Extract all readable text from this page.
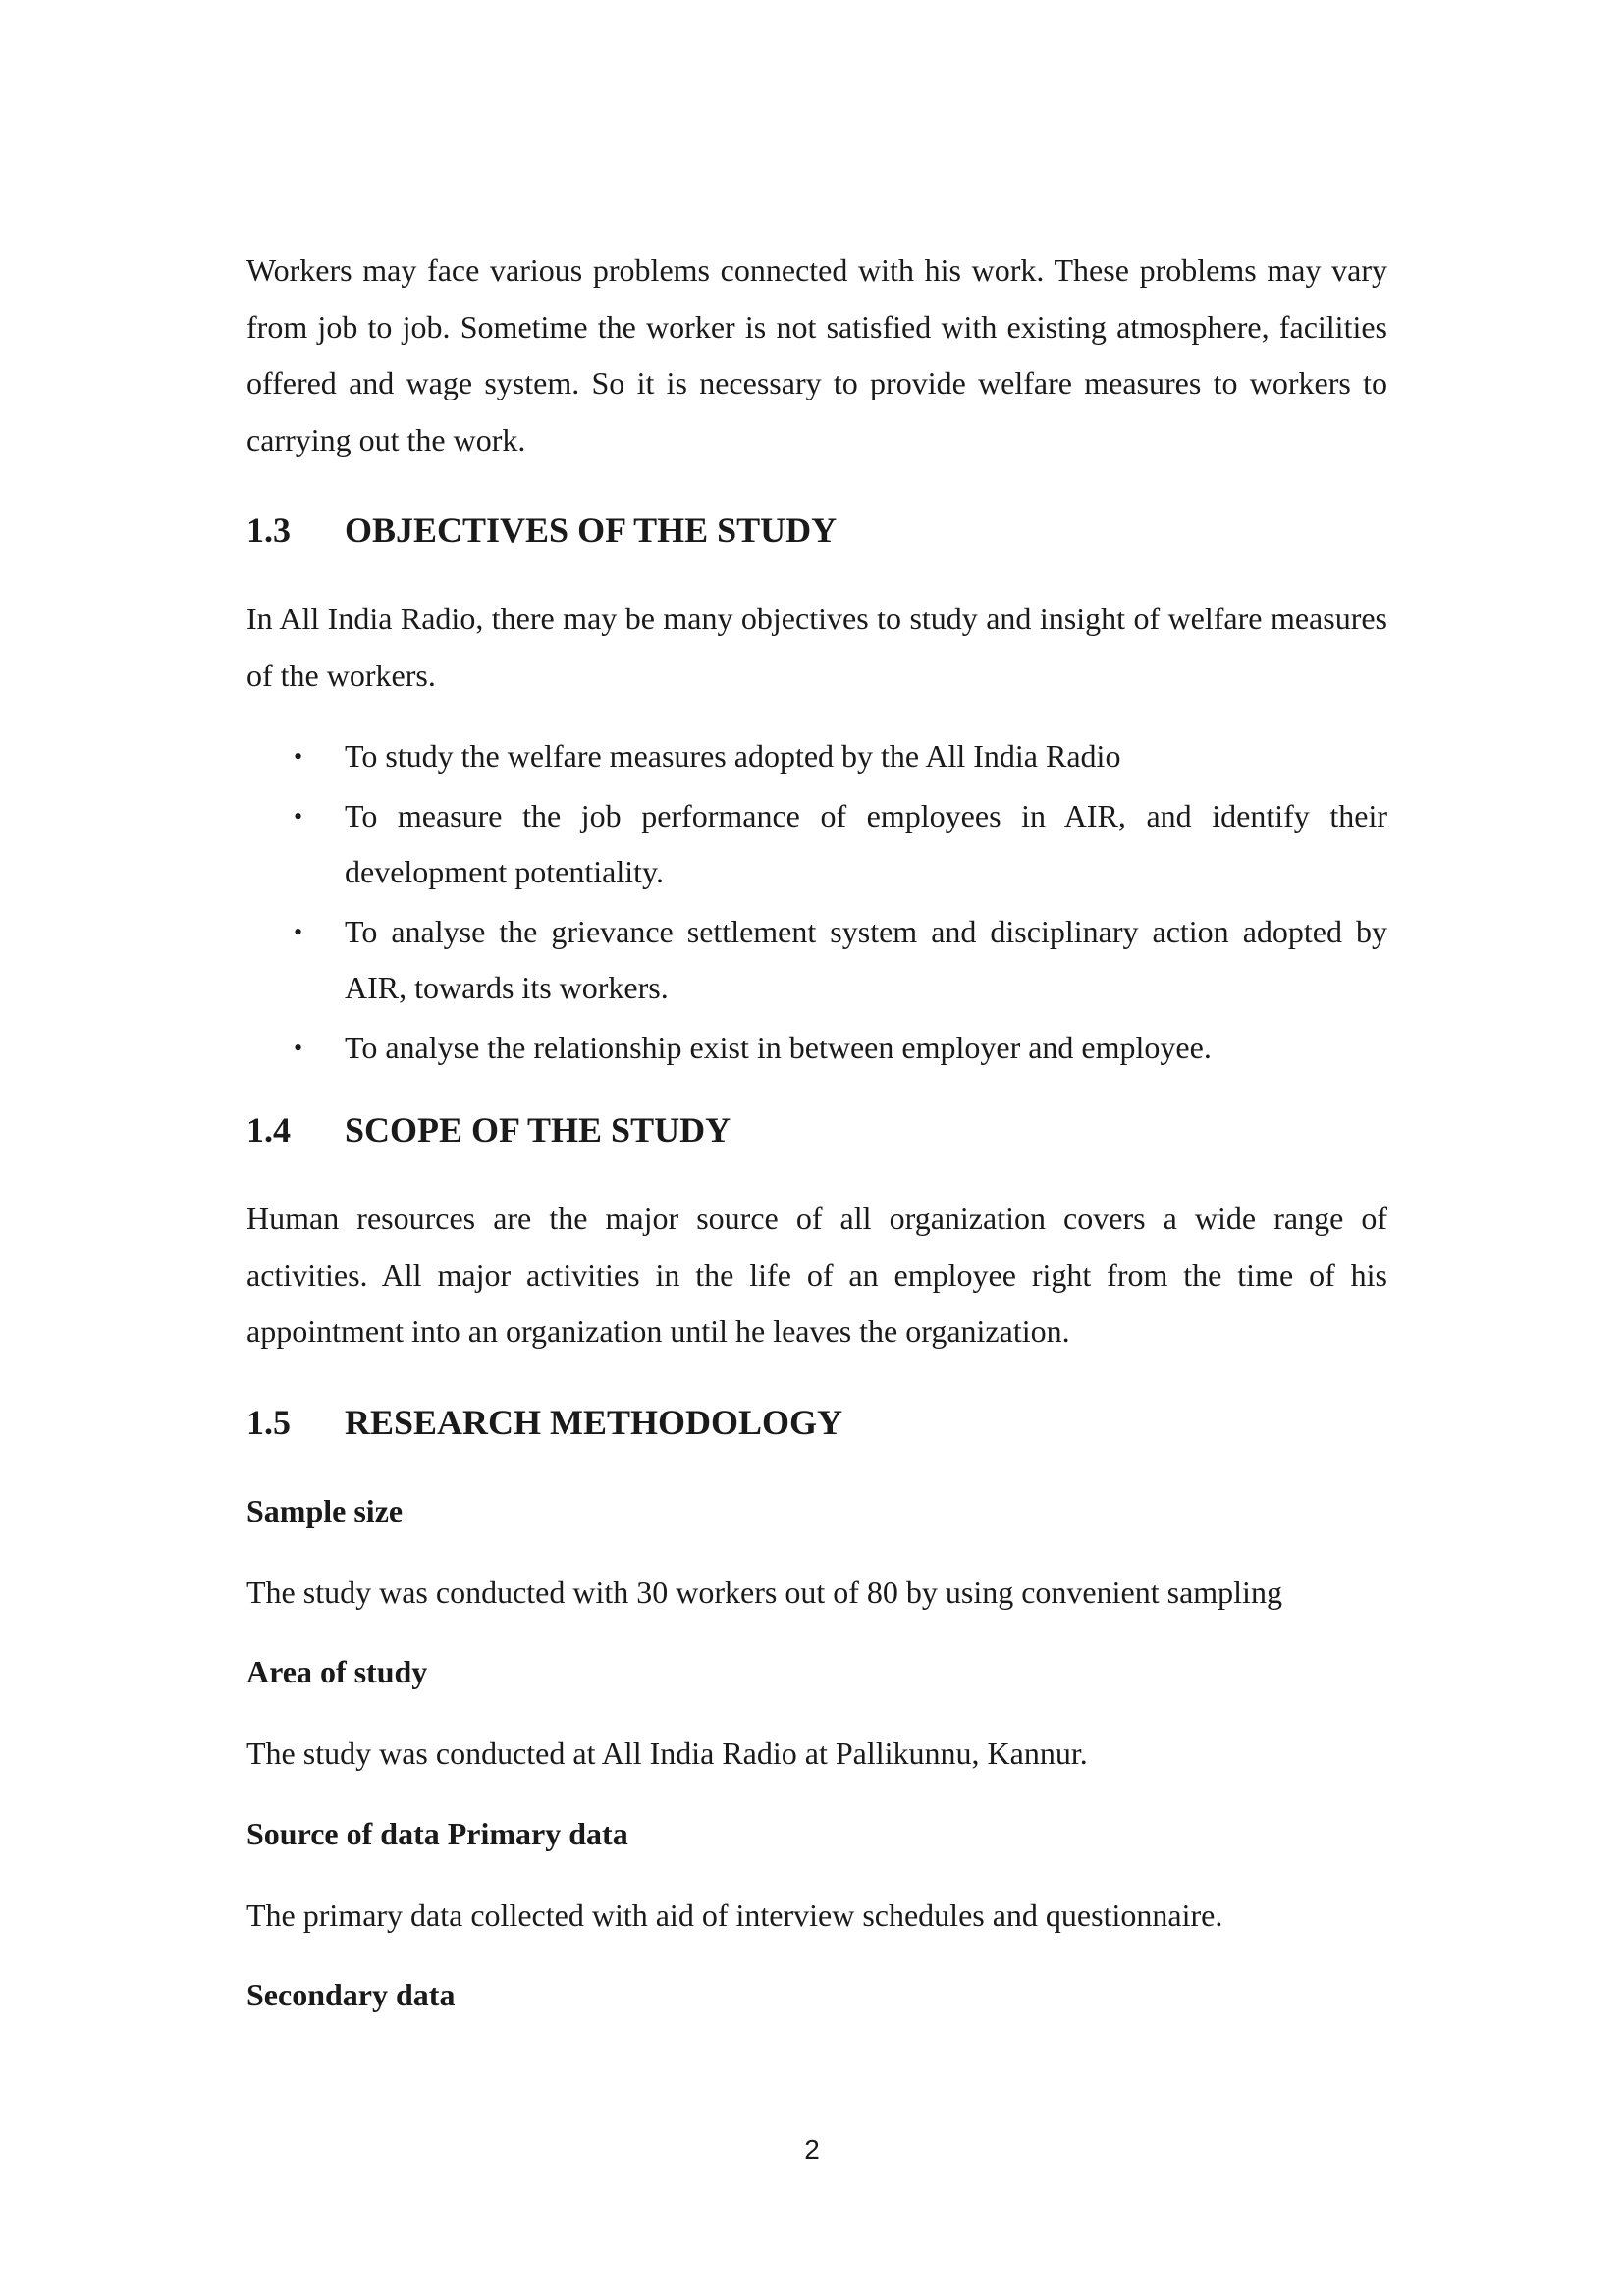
Workers may face various problems connected with his work. These problems may vary from job to job. Sometime the worker is not satisfied with existing atmosphere, facilities offered and wage system. So it is necessary to provide welfare measures to workers to carrying out the work.

1.3	OBJECTIVES OF THE STUDY

In All India Radio, there may be many objectives to study and insight of welfare measures of the workers.

• To study the welfare measures adopted by the All India Radio
• To measure the job performance of employees in AIR, and identify their development potentiality.
• To analyse the grievance settlement system and disciplinary action adopted by AIR, towards its workers.
• To analyse the relationship exist in between employer and employee.
1.4	SCOPE OF THE STUDY

Human resources are the major source of all organization covers a wide range of activities. All major activities in the life of an employee right from the time of his appointment into an organization until he leaves the organization.

1.5	RESEARCH METHODOLOGY
Sample size

The study was conducted with 30 workers out of 80 by using convenient sampling

Area of study

The study was conducted at All India Radio at Pallikunnu, Kannur.

Source of data Primary data

The primary data collected with aid of interview schedules and questionnaire.

Secondary data
2
